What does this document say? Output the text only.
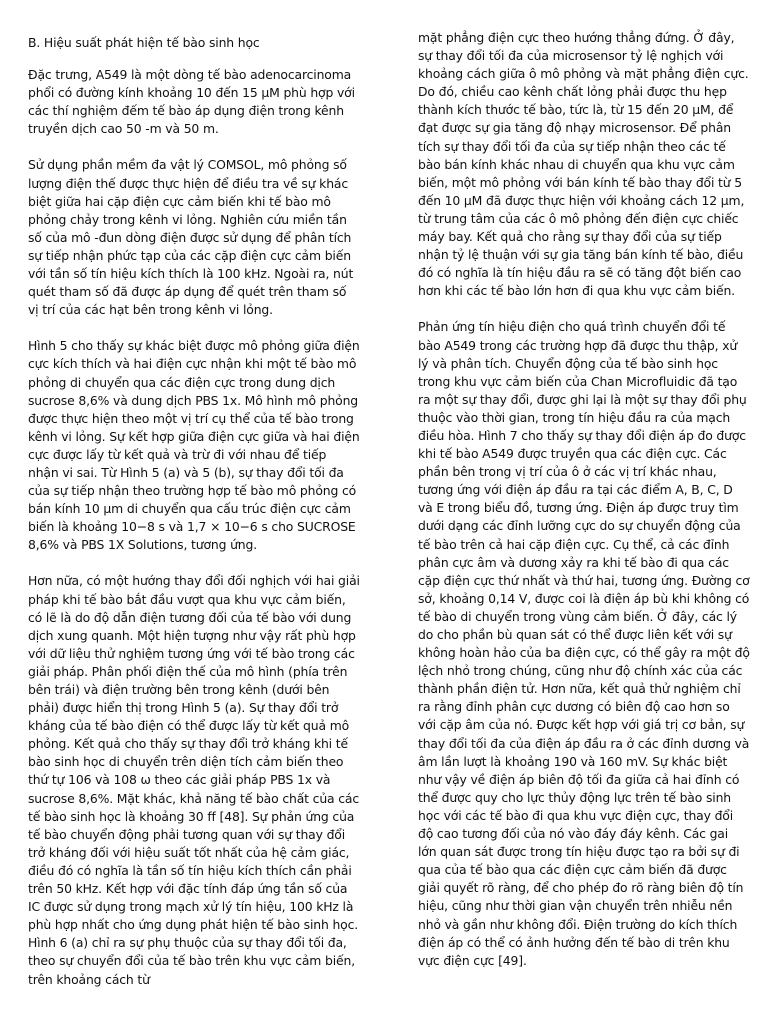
B. Hiệu suất phát hiện tế bào sinh học

Đặc trưng, A549 là một dòng tế bào adenocarcinoma phổi có đường kính khoảng 10 đến 15 µM phù hợp với các thí nghiệm đếm tế bào áp dụng điện trong kênh truyền dịch cao 50 -m và 50 m.

Sử dụng phần mềm đa vật lý COMSOL, mô phỏng số lượng điện thế được thực hiện để điều tra về sự khác biệt giữa hai cặp điện cực cảm biến khi tế bào mô phỏng chảy trong kênh vi lỏng. Nghiên cứu miền tần số của mô -đun dòng điện được sử dụng để phân tích sự tiếp nhận phức tạp của các cặp điện cực cảm biến với tần số tín hiệu kích thích là 100 kHz. Ngoài ra, nút quét tham số đã được áp dụng để quét trên tham số vị trí của các hạt bên trong kênh vi lỏng.

Hình 5 cho thấy sự khác biệt được mô phỏng giữa điện cực kích thích và hai điện cực nhận khi một tế bào mô phỏng di chuyển qua các điện cực trong dung dịch sucrose 8,6% và dung dịch PBS 1x. Mô hình mô phỏng được thực hiện theo một vị trí cụ thể của tế bào trong kênh vi lỏng. Sự kết hợp giữa điện cực giữa và hai điện cực được lấy từ kết quả và trừ đi với nhau để tiếp nhận vi sai. Từ Hình 5 (a) và 5 (b), sự thay đổi tối đa của sự tiếp nhận theo trường hợp tế bào mô phỏng có bán kính 10 µm di chuyển qua cấu trúc điện cực cảm biến là khoảng 10−8 s và 1,7 × 10−6 s cho SUCROSE 8,6% và PBS 1X Solutions, tương ứng.

Hơn nữa, có một hướng thay đổi đối nghịch với hai giải pháp khi tế bào bắt đầu vượt qua khu vực cảm biến, có lẽ là do độ dẫn điện tương đối của tế bào với dung dịch xung quanh. Một hiện tượng như vậy rất phù hợp với dữ liệu thử nghiệm tương ứng với tế bào trong các giải pháp. Phân phối điện thế của mô hình (phía trên bên trái) và điện trường bên trong kênh (dưới bên phải) được hiển thị trong Hình 5 (a). Sự thay đổi trở kháng của tế bào điện có thể được lấy từ kết quả mô phỏng. Kết quả cho thấy sự thay đổi trở kháng khi tế bào sinh học di chuyển trên diện tích cảm biến theo thứ tự 106 và 108 ω theo các giải pháp PBS 1x và sucrose 8,6%. Mặt khác, khả năng tế bào chất của các tế bào sinh học là khoảng 30 ff [48]. Sự phản ứng của tế bào chuyển động phải tương quan với sự thay đổi trở kháng đối với hiệu suất tốt nhất của hệ cảm giác, điều đó có nghĩa là tần số tín hiệu kích thích cần phải trên 50 kHz. Kết hợp với đặc tính đáp ứng tần số của IC được sử dụng trong mạch xử lý tín hiệu, 100 kHz là phù hợp nhất cho ứng dụng phát hiện tế bào sinh học. Hình 6 (a) chỉ ra sự phụ thuộc của sự thay đổi tối đa, theo sự chuyển đổi của tế bào trên khu vực cảm biến, trên khoảng cách từ

mặt phẳng điện cực theo hướng thẳng đứng. Ở đây, sự thay đổi tối đa của microsensor tỷ lệ nghịch với khoảng cách giữa ô mô phỏng và mặt phẳng điện cực. Do đó, chiều cao kênh chất lỏng phải được thu hẹp thành kích thước tế bào, tức là, từ 15 đến 20 µM, để đạt được sự gia tăng độ nhạy microsensor. Để phân tích sự thay đổi tối đa của sự tiếp nhận theo các tế bào bán kính khác nhau di chuyển qua khu vực cảm biến, một mô phỏng với bán kính tế bào thay đổi từ 5 đến 10 µM đã được thực hiện với khoảng cách 12 µm, từ trung tâm của các ô mô phỏng đến điện cực chiếc máy bay. Kết quả cho rằng sự thay đổi của sự tiếp nhận tỷ lệ thuận với sự gia tăng bán kính tế bào, điều đó có nghĩa là tín hiệu đầu ra sẽ có tăng đột biến cao hơn khi các tế bào lớn hơn đi qua khu vực cảm biến.

Phản ứng tín hiệu điện cho quá trình chuyển đổi tế bào A549 trong các trường hợp đã được thu thập, xử lý và phân tích. Chuyển động của tế bào sinh học trong khu vực cảm biến của Chan Microfluidic đã tạo ra một sự thay đổi, được ghi lại là một sự thay đổi phụ thuộc vào thời gian, trong tín hiệu đầu ra của mạch điều hòa. Hình 7 cho thấy sự thay đổi điện áp đo được khi tế bào A549 được truyền qua các điện cực. Các phần bên trong vị trí của ô ở các vị trí khác nhau, tương ứng với điện áp đầu ra tại các điểm A, B, C, D và E trong biểu đồ, tương ứng. Điện áp được truy tìm dưới dạng các đỉnh lưỡng cực do sự chuyển động của tế bào trên cả hai cặp điện cực. Cụ thể, cả các đỉnh phân cực âm và dương xảy ra khi tế bào đi qua các cặp điện cực thứ nhất và thứ hai, tương ứng. Đường cơ sở, khoảng 0,14 V, được coi là điện áp bù khi không có tế bào di chuyển trong vùng cảm biến. Ở đây, các lý do cho phần bù quan sát có thể được liên kết với sự không hoàn hảo của ba điện cực, có thể gây ra một độ lệch nhỏ trong chúng, cũng như độ chính xác của các thành phần điện tử. Hơn nữa, kết quả thử nghiệm chỉ ra rằng đỉnh phân cực dương có biên độ cao hơn so với cặp âm của nó. Được kết hợp với giá trị cơ bản, sự thay đổi tối đa của điện áp đầu ra ở các đỉnh dương và âm lần lượt là khoảng 190 và 160 mV. Sự khác biệt như vậy về điện áp biên độ tối đa giữa cả hai đỉnh có thể được quy cho lực thủy động lực trên tế bào sinh học với các tế bào đi qua khu vực điện cực, thay đổi độ cao tương đối của nó vào đáy đáy kênh. Các gai lớn quan sát được trong tín hiệu được tạo ra bởi sự đi qua của tế bào qua các điện cực cảm biến đã được giải quyết rõ ràng, để cho phép đo rõ ràng biên độ tín hiệu, cũng như thời gian vận chuyển trên nhiễu nền nhỏ và gần như không đổi. Điện trường do kích thích điện áp có thể có ảnh hưởng đến tế bào di trên khu vực điện cực [49].
